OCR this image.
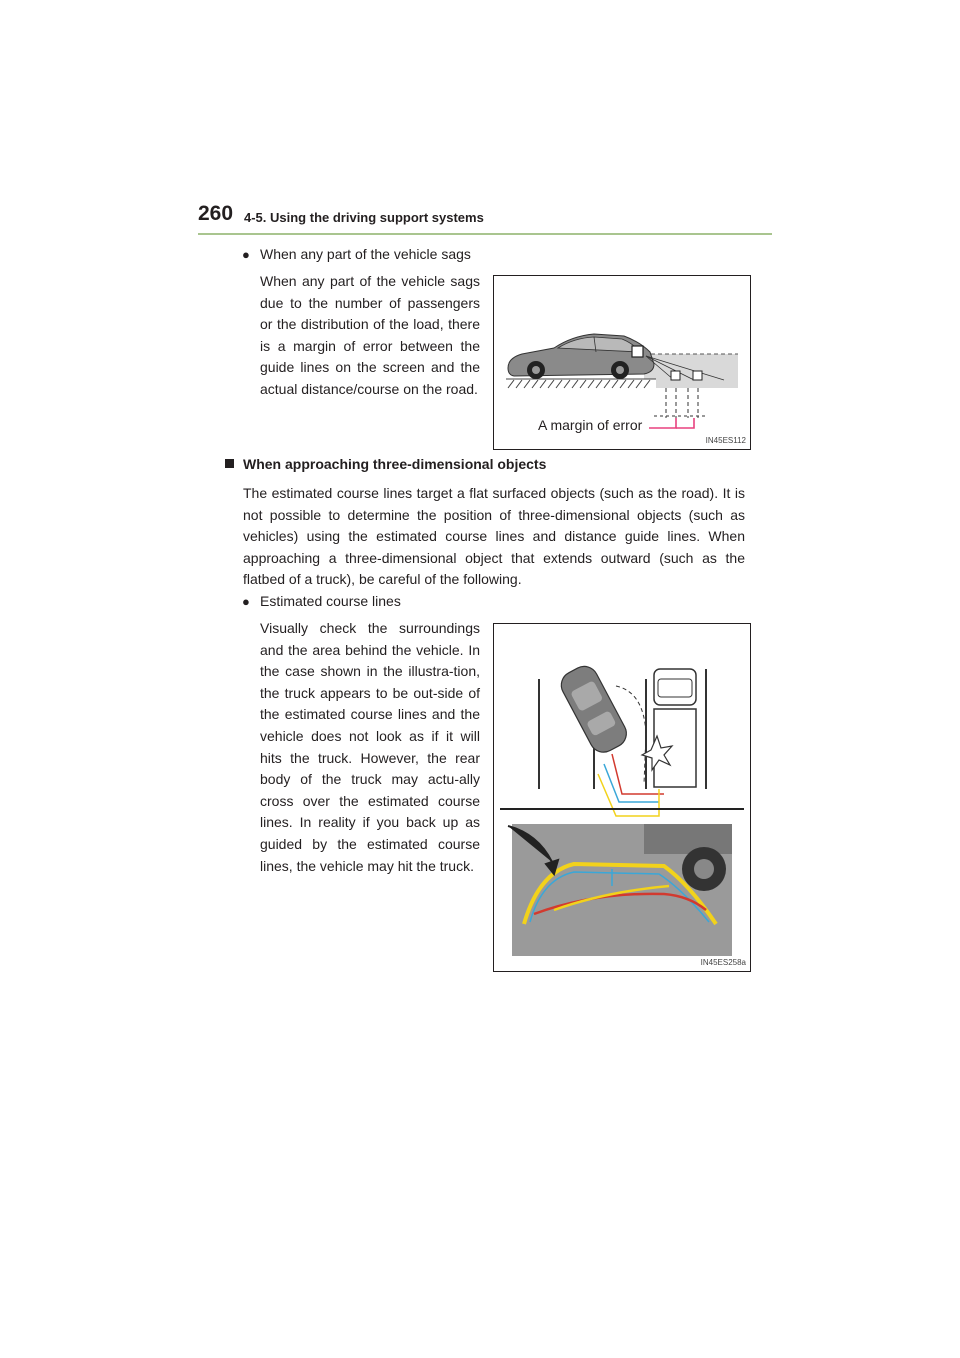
260 4-5. Using the driving support systems
● When any part of the vehicle sags
When any part of the vehicle sags due to the number of passengers or the distribution of the load, there is a margin of error between the guide lines on the screen and the actual distance/course on the road.
A margin of error
IN45ES112
When approaching three-dimensional objects
The estimated course lines target a flat surfaced objects (such as the road). It is not possible to determine the position of three-dimensional objects (such as vehicles) using the estimated course lines and distance guide lines. When approaching a three-dimensional object that extends outward (such as the flatbed of a truck), be careful of the following.
● Estimated course lines
Visually check the surroundings and the area behind the vehicle. In the case shown in the illustra-tion, the truck appears to be out-side of the estimated course lines and the vehicle does not look as if it will hits the truck. However, the rear body of the truck may actu-ally cross over the estimated course lines. In reality if you back up as guided by the estimated course lines, the vehicle may hit the truck.
IN45ES258a
